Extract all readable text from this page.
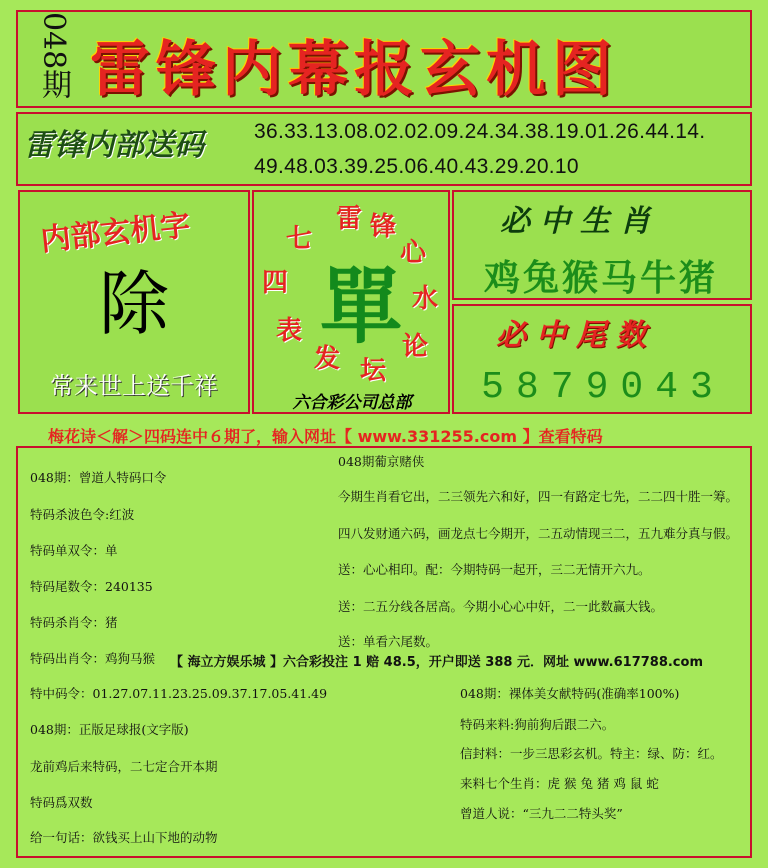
048期 雷锋内幕报玄机图
雷锋内部送码	36.33.13.08.02.02.09.24.34.38.19.01.26.44.14.
49.48.03.39.25.06.40.43.29.20.10
内部玄机字
除
常来世上送千祥
雷 锋
心
水
论
坛
发
表
四
七
單
六合彩公司总部
必中生肖
鸡兔猴马牛猪
必中尾数
5879043
梅花诗＜解＞四码连中６期了，输入网址【 www.331255.com 】查看特码
048期：曾道人特码口令
特码杀波色令:红波
特码单双令：单
特码尾数令：240135
特码杀肖令：猪
特码出肖令：鸡狗马猴
048期葡京赌侠
今期生肖看它出，二三领先六和好，四一有路定七先，二二四十胜一筹。
四八发财通六码，画龙点七今期开，二五动情现三二，五九难分真与假。
送：心心相印。配：今期特码一起开，三二无情开六九。
送：二五分线各居高。今期小心心中奸，二一此数赢大钱。
送：单看六尾数。
【 海立方娱乐城 】六合彩投注 1 赔 48.5，开户即送 388 元．网址 www.617788.com
特中码令：01.27.07.11.23.25.09.37.17.05.41.49
048期：正版足球报(文字版)
龙前鸡后来特码，二七定合开本期
特码爲双数
给一句话：欲钱买上山下地的动物
048期：裸体美女献特码(准确率100%)
特码来料:狗前狗后跟二六。
信封料：一步三思彩玄机。特主：绿、防：红。
来料七个生肖：虎 猴 兔 猪 鸡 鼠 蛇
曾道人说：“三九二二特头奖”
